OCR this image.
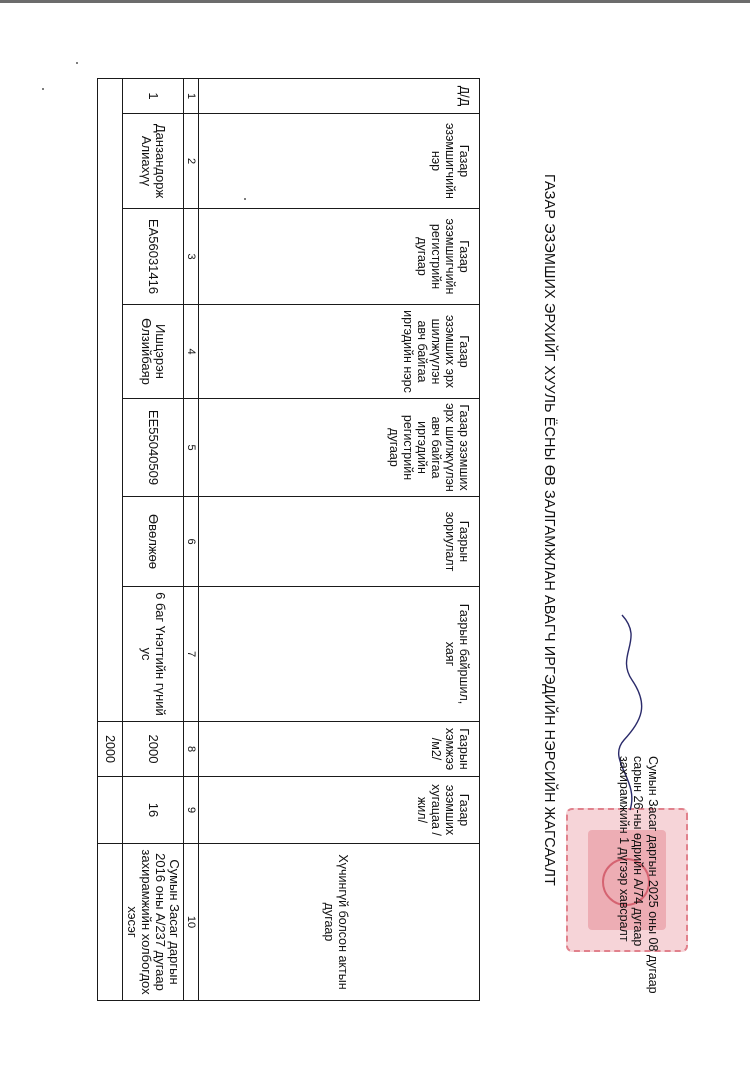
ГАЗАР ЭЗЭМШИХ ЭРХИЙГ ХУУЛЬ ЁСНЫ ӨВ ЗАЛГАМЖЛАН АВАГЧ ИРГЭДИЙН НЭРСИЙН ЖАГСААЛТ	Сумын Засаг даргын 2025 оны 08 дугаар
сарын 26-ны өдрийн А/74 дугаар
захирамжийн 1 дүгээр хавсралт
Д/Д	Газар эзэмшигчийн нэр	Газар эзэмшигчийн регистрийн дугаар	Газар эзэмших эрх шилжүүлэн авч байгаа иргэдийн нэрс	Газар эзэмших эрх шилжүүлэн авч байгаа иргэдийн регистрийн дугаар	Газрын зориулалт	Газрын байршил, хаяг	Газрын хэмжээ /м2/	Газар эзэмших хугацаа /жил/	Хүчингүй болсон актын дугаар
1	2	3	4	5	6	7	8	9	10
1	Данзандорж Алиахүү	ЕА56031416	Ишцэрэн Өлзийбаяр	ЕЕ55040509	Өвөлжөө	6 баг Үнэгтийн гүний ус	2000	16	Сумын Засаг даргын 2016 оны А/237 дугаар захирамжийн холбогдох хэсэг
							2000		
